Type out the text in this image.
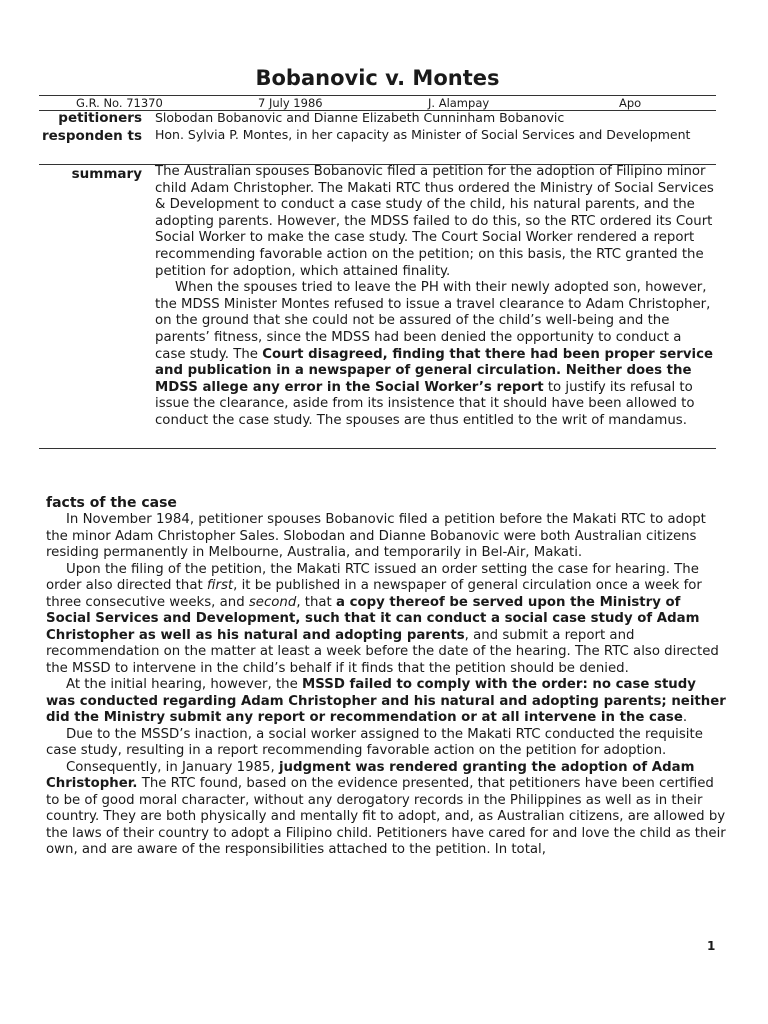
Bobanovic v. Montes
G.R. No. 71370	7 July 1986	J. Alampay	Apo
petitioners Slobodan Bobanovic and Dianne Elizabeth Cunninham Bobanovic
responden ts Hon. Sylvia P. Montes, in her capacity as Minister of Social Services and Development
summary The Australian spouses Bobanovic filed a petition for the adoption of Filipino minor child Adam Christopher. The Makati RTC thus ordered the Ministry of Social Services & Development to conduct a case study of the child, his natural parents, and the adopting parents. However, the MDSS failed to do this, so the RTC ordered its Court Social Worker to make the case study. The Court Social Worker rendered a report recommending favorable action on the petition; on this basis, the RTC granted the petition for adoption, which attained finality.

When the spouses tried to leave the PH with their newly adopted son, however, the MDSS Minister Montes refused to issue a travel clearance to Adam Christopher, on the ground that she could not be assured of the child’s well-being and the parents’ fitness, since the MDSS had been denied the opportunity to conduct a case study. The Court disagreed, finding that there had been proper service and publication in a newspaper of general circulation. Neither does the MDSS allege any error in the Social Worker’s report to justify its refusal to issue the clearance, aside from its insistence that it should have been allowed to conduct the case study. The spouses are thus entitled to the writ of mandamus.

facts of the case

In November 1984, petitioner spouses Bobanovic filed a petition before the Makati RTC to adopt the minor Adam Christopher Sales. Slobodan and Dianne Bobanovic were both Australian citizens residing permanently in Melbourne, Australia, and temporarily in Bel-Air, Makati.

Upon the filing of the petition, the Makati RTC issued an order setting the case for hearing. The order also directed that first, it be published in a newspaper of general circulation once a week for three consecutive weeks, and second, that a copy thereof be served upon the Ministry of Social Services and Development, such that it can conduct a social case study of Adam Christopher as well as his natural and adopting parents, and submit a report and recommendation on the matter at least a week before the date of the hearing. The RTC also directed the MSSD to intervene in the child’s behalf if it finds that the petition should be denied.

At the initial hearing, however, the MSSD failed to comply with the order: no case study was conducted regarding Adam Christopher and his natural and adopting parents; neither did the Ministry submit any report or recommendation or at all intervene in the case.

Due to the MSSD’s inaction, a social worker assigned to the Makati RTC conducted the requisite case study, resulting in a report recommending favorable action on the petition for adoption.

Consequently, in January 1985, judgment was rendered granting the adoption of Adam Christopher. The RTC found, based on the evidence presented, that petitioners have been certified to be of good moral character, without any derogatory records in the Philippines as well as in their country. They are both physically and mentally fit to adopt, and, as Australian citizens, are allowed by the laws of their country to adopt a Filipino child. Petitioners have cared for and love the child as their own, and are aware of the responsibilities attached to the petition. In total,

1
